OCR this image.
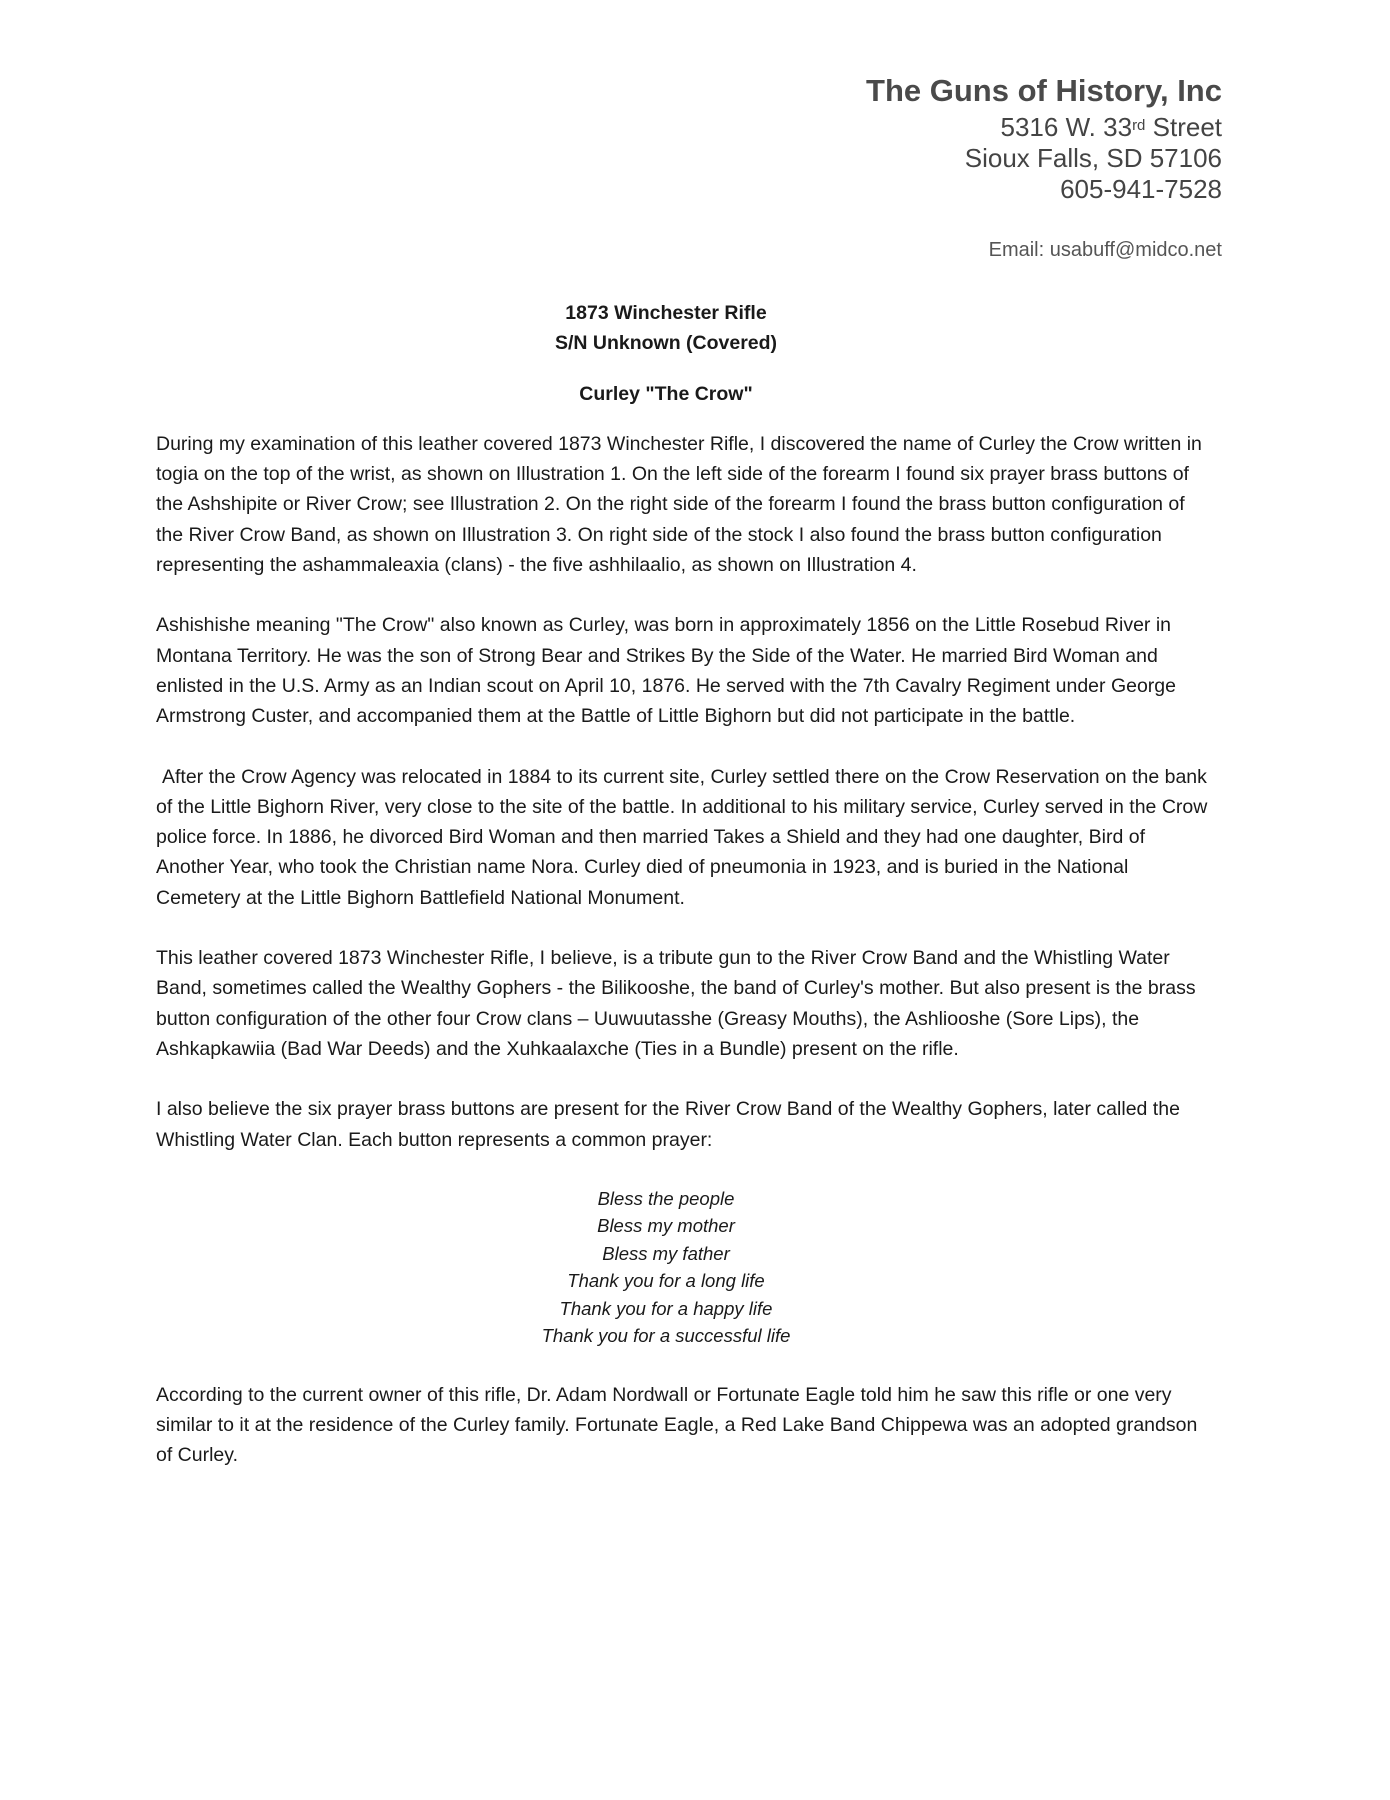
The Guns of History, Inc
5316 W. 33rd Street
Sioux Falls, SD 57106
605-941-7528
Email: usabuff@midco.net
1873 Winchester Rifle
S/N Unknown (Covered)
Curley "The Crow"

During my examination of this leather covered 1873 Winchester Rifle, I discovered the name of Curley the Crow written in togia on the top of the wrist, as shown on Illustration 1. On the left side of the forearm I found six prayer brass buttons of the Ashshipite or River Crow; see Illustration 2. On the right side of the forearm I found the brass button configuration of the River Crow Band, as shown on Illustration 3. On right side of the stock I also found the brass button configuration representing the ashammaleaxia (clans) - the five ashhilaalio, as shown on Illustration 4.

Ashishishe meaning "The Crow" also known as Curley, was born in approximately 1856 on the Little Rosebud River in Montana Territory. He was the son of Strong Bear and Strikes By the Side of the Water. He married Bird Woman and enlisted in the U.S. Army as an Indian scout on April 10, 1876. He served with the 7th Cavalry Regiment under George Armstrong Custer, and accompanied them at the Battle of Little Bighorn but did not participate in the battle.

After the Crow Agency was relocated in 1884 to its current site, Curley settled there on the Crow Reservation on the bank of the Little Bighorn River, very close to the site of the battle. In additional to his military service, Curley served in the Crow police force. In 1886, he divorced Bird Woman and then married Takes a Shield and they had one daughter, Bird of Another Year, who took the Christian name Nora. Curley died of pneumonia in 1923, and is buried in the National Cemetery at the Little Bighorn Battlefield National Monument.

This leather covered 1873 Winchester Rifle, I believe, is a tribute gun to the River Crow Band and the Whistling Water Band, sometimes called the Wealthy Gophers - the Bilikooshe, the band of Curley's mother. But also present is the brass button configuration of the other four Crow clans – Uuwuutasshe (Greasy Mouths), the Ashliooshe (Sore Lips), the Ashkapkawiia (Bad War Deeds) and the Xuhkaalaxche (Ties in a Bundle) present on the rifle.

I also believe the six prayer brass buttons are present for the River Crow Band of the Wealthy Gophers, later called the Whistling Water Clan. Each button represents a common prayer:

Bless the people
Bless my mother
Bless my father
Thank you for a long life
Thank you for a happy life
Thank you for a successful life

According to the current owner of this rifle, Dr. Adam Nordwall or Fortunate Eagle told him he saw this rifle or one very similar to it at the residence of the Curley family. Fortunate Eagle, a Red Lake Band Chippewa was an adopted grandson of Curley.
